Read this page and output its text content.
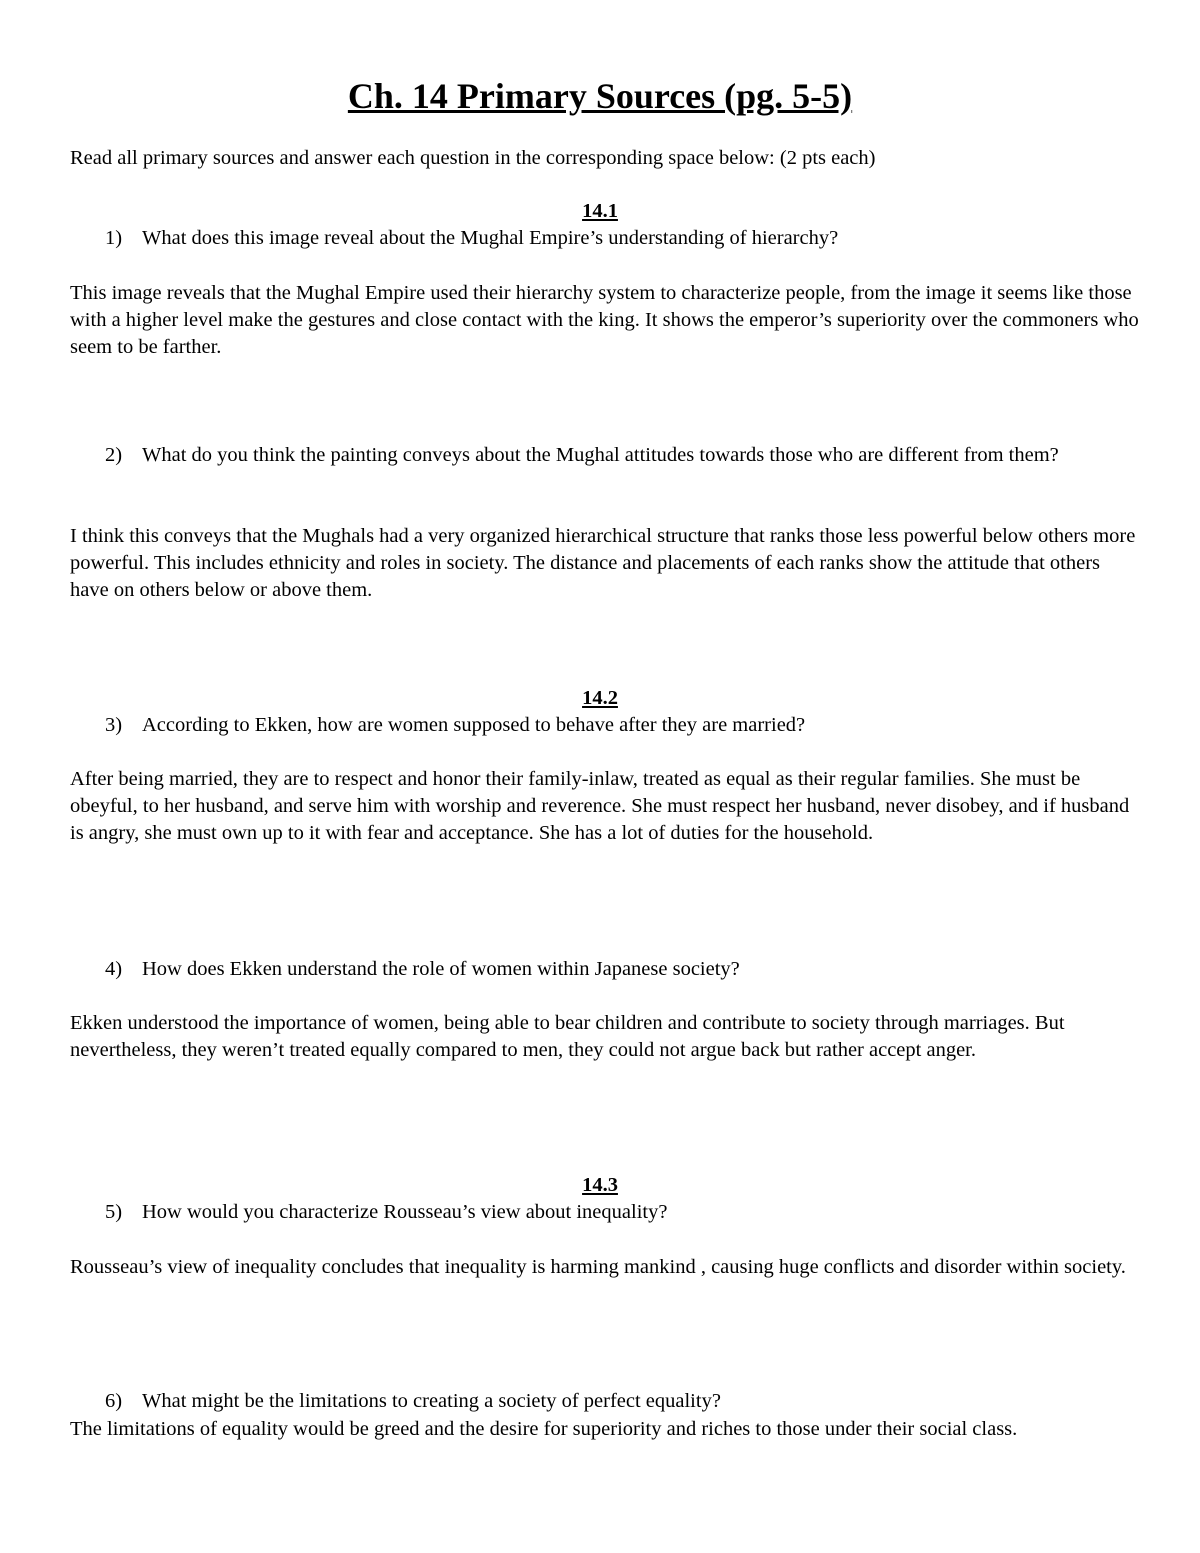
Ch. 14 Primary Sources (pg. 5-5)
Read all primary sources and answer each question in the corresponding space below: (2 pts each)
14.1
1) What does this image reveal about the Mughal Empire’s understanding of hierarchy?
This image reveals that the Mughal Empire used their hierarchy system to characterize people, from the image it seems like those with a higher level make the gestures and close contact with the king. It shows the emperor’s superiority over the commoners who seem to be farther.
2) What do you think the painting conveys about the Mughal attitudes towards those who are different from them?
I think this conveys that the Mughals had a very organized hierarchical structure that ranks those less powerful below others more powerful. This includes ethnicity and roles in society. The distance and placements of each ranks show the attitude that others have on others below or above them.
14.2
3) According to Ekken, how are women supposed to behave after they are married?
After being married, they are to respect and honor their family-inlaw, treated as equal as their regular families. She must be obeyful, to her husband, and serve him with worship and reverence. She must respect her husband, never disobey, and if husband is angry, she must own up to it with fear and acceptance. She has a lot of duties for the household.
4) How does Ekken understand the role of women within Japanese society?
Ekken understood the importance of women, being able to bear children and contribute to society through marriages. But nevertheless, they weren’t treated equally compared to men, they could not argue back but rather accept anger.
14.3
5) How would you characterize Rousseau’s view about inequality?
Rousseau’s view of inequality concludes that inequality is harming mankind , causing huge conflicts and disorder within society.
6) What might be the limitations to creating a society of perfect equality?
The limitations of equality would be greed and the desire for superiority and riches to those under their social class.
